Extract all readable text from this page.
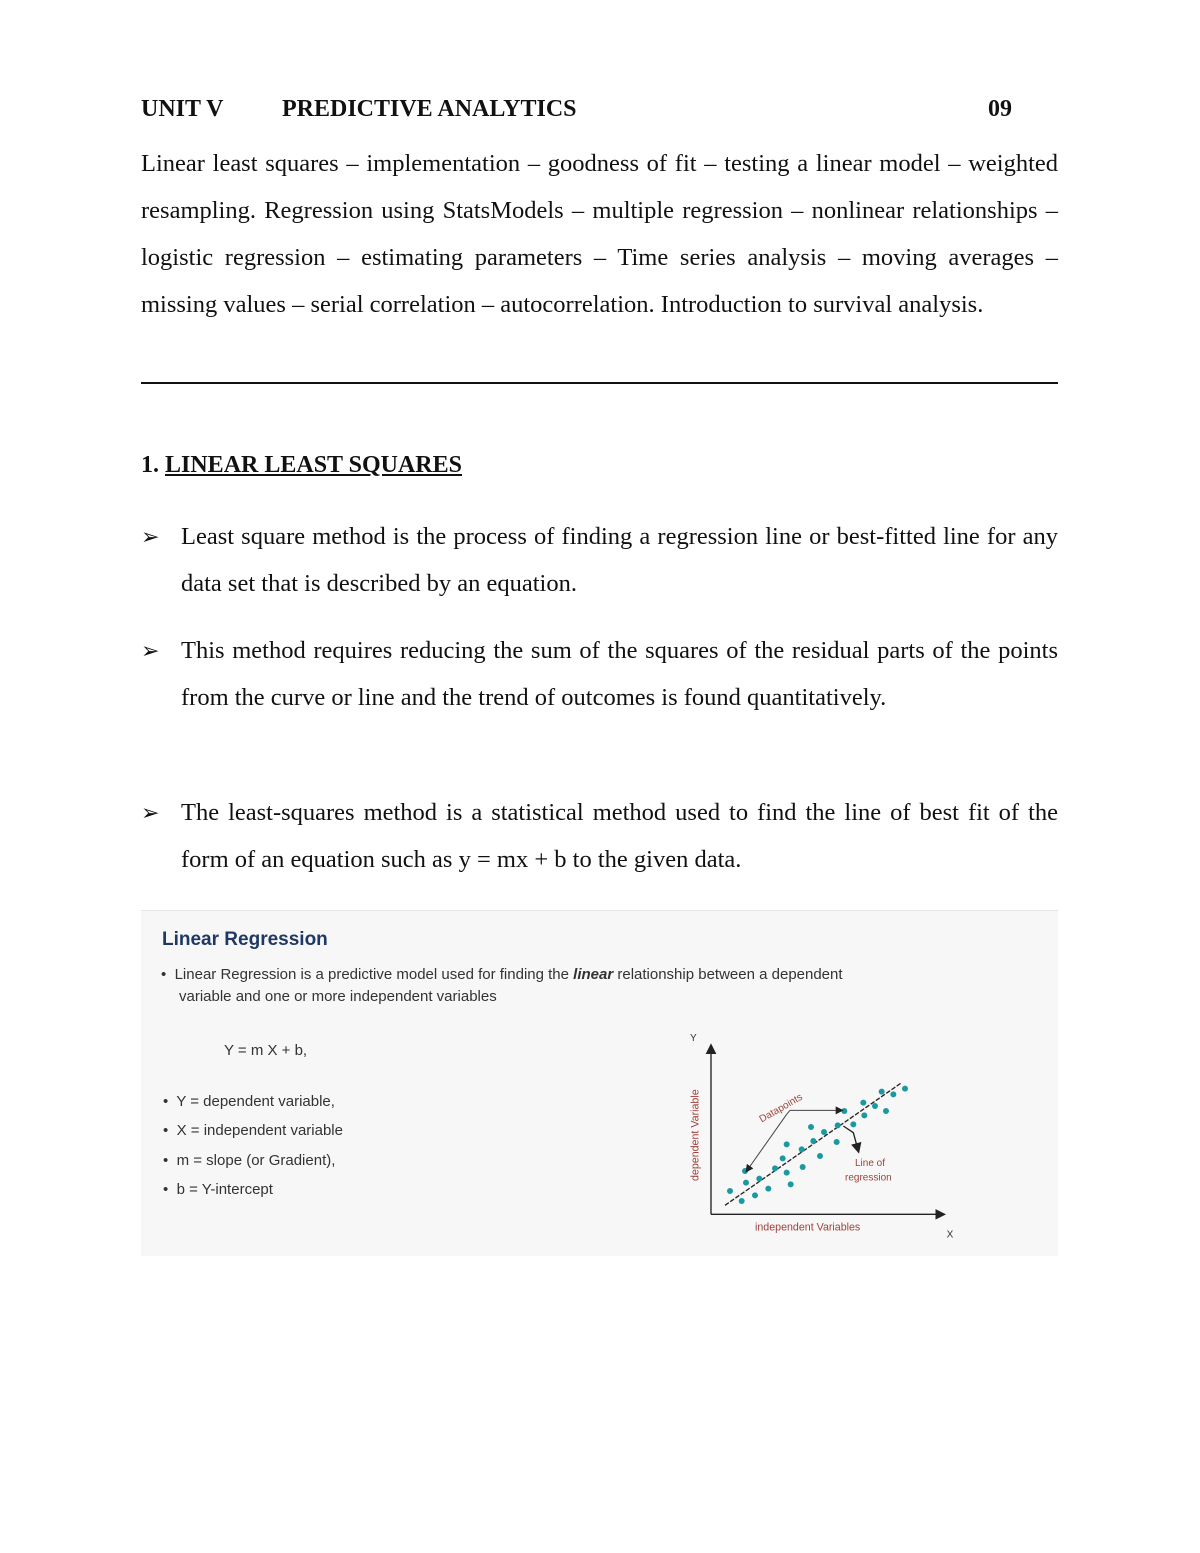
UNIT V PREDICTIVE ANALYTICS	09
Linear least squares – implementation – goodness of fit – testing a linear model – weighted resampling. Regression using StatsModels – multiple regression – nonlinear relationships – logistic regression – estimating parameters – Time series analysis – moving averages – missing values – serial correlation – autocorrelation. Introduction to survival analysis.
1. LINEAR LEAST SQUARES
➢ Least square method is the process of finding a regression line or best-fitted line for any data set that is described by an equation.
➢ This method requires reducing the sum of the squares of the residual parts of the points from the curve or line and the trend of outcomes is found quantitatively.
➢ The least-squares method is a statistical method used to find the line of best fit of the form of an equation such as y = mx + b to the given data.
Linear Regression
•  Linear Regression is a predictive model used for finding the linear relationship between a dependent
variable and one or more independent variables
Y = m X + b,
•  Y = dependent variable,
•  X = independent variable
•  m = slope (or Gradient),
•  b = Y-intercept
Y
X
dependent Variable
independent Variables
Datapoints
Line of
regression
